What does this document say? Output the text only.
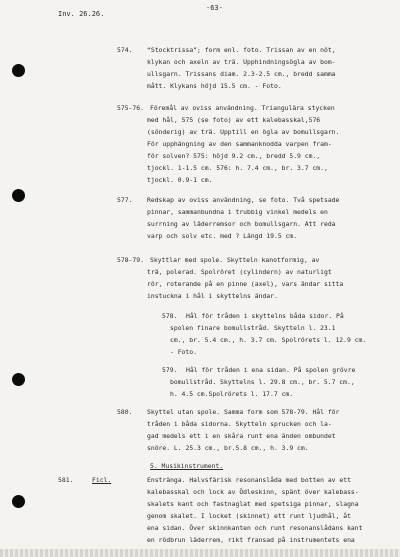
Inv. 26.26.
-63-
574. “Stocktrissa”; form enl. foto. Trissan av en nöt,
klykan och axeln av trä. Upphindningsögla av bom-
ullsgarn. Trissans diam. 2.3-2.5 cm., bredd samma
mått. Klykans höjd 15.5 cm. - Foto.
575-76. Föremål av oviss användning. Triangulära stycken
med hål, 575 (se foto) av ett kalebasskal,576
(sönderig) av trä. Upptill en ögla av bomullsgarn.
För upphängning av den sammanknodda varpen fram-
för solven? 575: höjd 9.2 cm., bredd 5.9 cm.,
tjockl. 1-1.5 cm. 576: h. 7.4 cm., br. 3.7 cm.,
tjockl. 0.9-1 cm.
577. Redskap av oviss användning, se foto. Två spetsade
pinnar, sammanbundna i trubbig vinkel medels en
surrning av läderremsor och bomullsgarn. Att reda
varp och solv etc. med ? Längd 19.5 cm.
578-79. Skyttlar med spole. Skytteln kanotformig, av
trä, polerad. Spolröret (cylindern) av naturligt
rör, roterande på en pinne (axel), vars ändar sitta
instuckna i hål i skyttelns ändar.
578. Hål för tråden i skyttelns båda sidor. På
spolen finare bomullstråd. Skytteln l. 23.1
cm., br. 5.4 cm., h. 3.7 cm. Spolrörets l. 12.9 cm.
- Foto.
579. Hål för tråden i ena sidan. På spolen grövre
bomullstråd. Skyttelns l. 29.8 cm., br. 5.7 cm.,
h. 4.5 cm.Spolrörets l. 17.7 cm.
580. Skyttel utan spole. Samma form som 578-79. Hål för
tråden i båda sidorna. Skytteln sprucken och la-
gad medels ett i en skåra runt ena änden ombundet
snöre. L. 25.3 cm., br.5.8 cm., h. 3.9 cm.
5. Musikinstrument.
581.	Ficl.	Enstränga. Halvsfärisk resonanslåda med botten av ett
kalebasskal och lock av Ödleskinn, spänt över kalebass-
skalets kant och fastnaglat med spetsiga pinnar, slagna
genom skalet. I locket (skinnet) ett runt ljudhål, åt
ena sidan. Över skinnkanten och runt resonanslådans kant
en rödbrun läderrem, rikt fransad på instrumentets ena
